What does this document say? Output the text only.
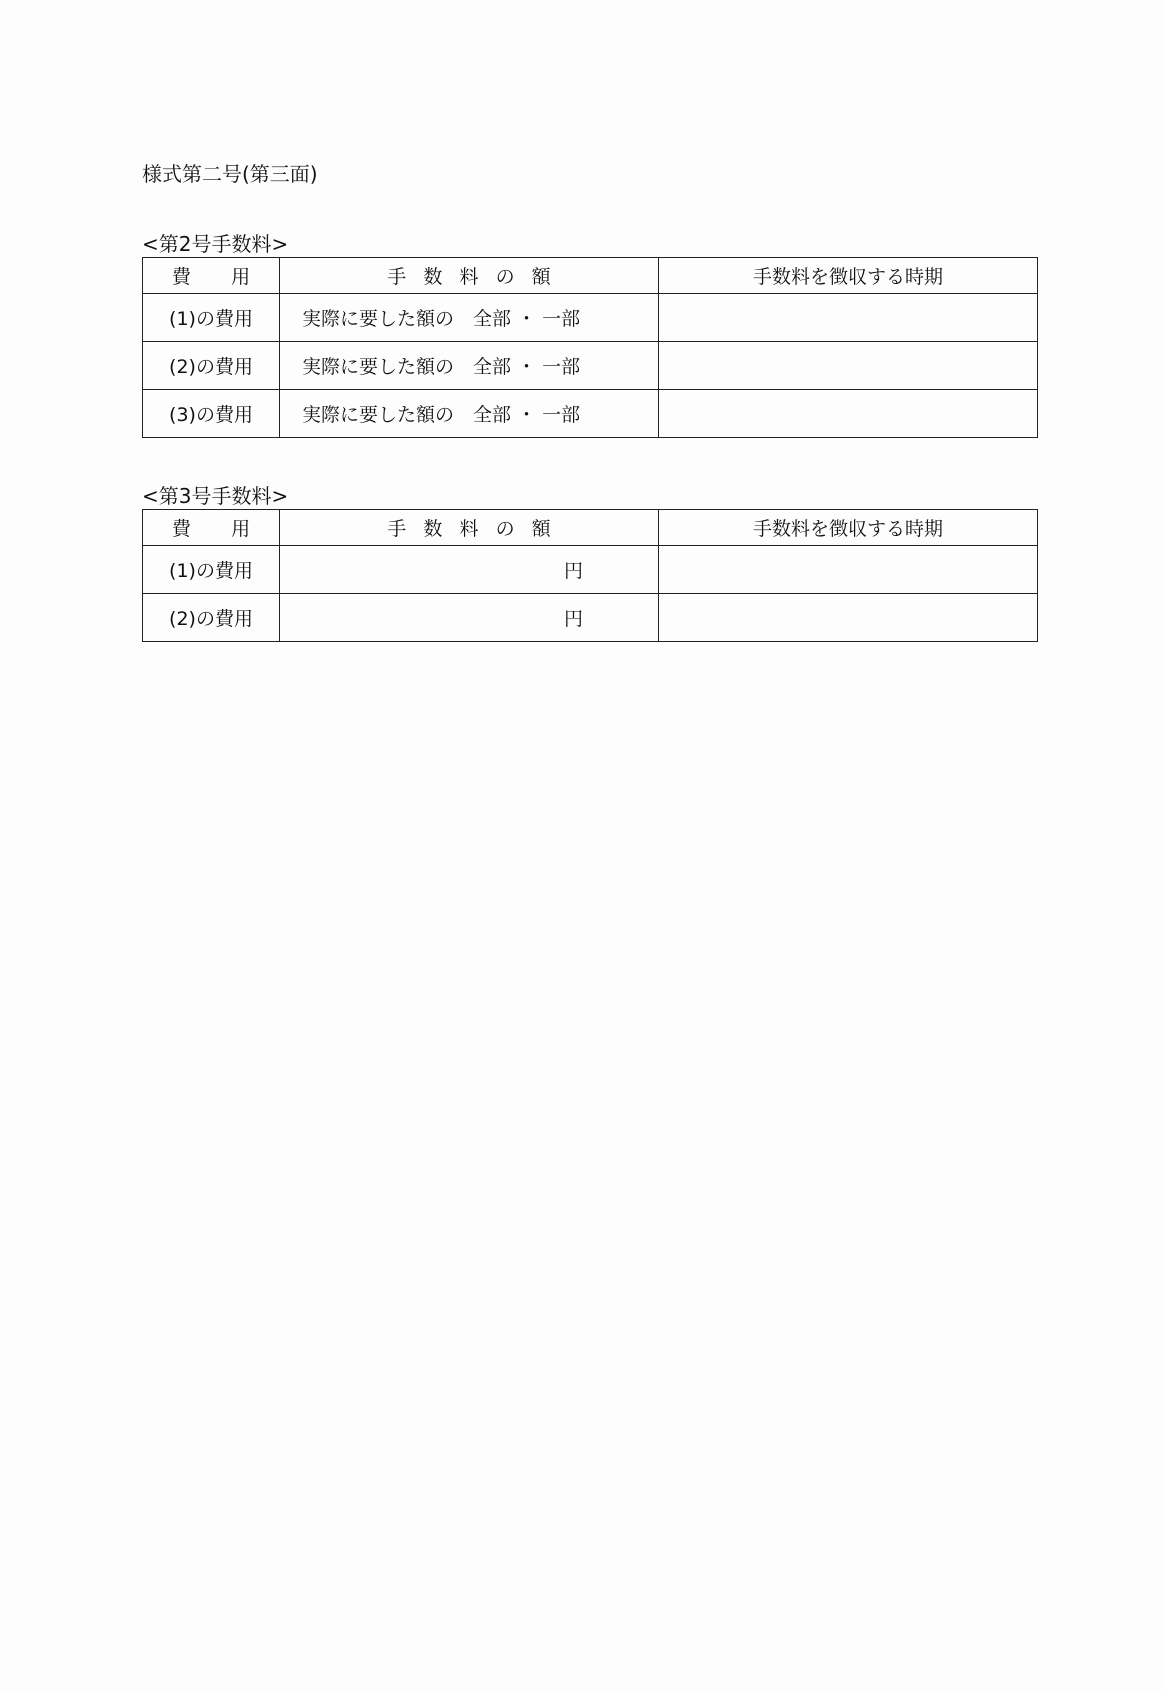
様式第二号(第三面)
<第2号手数料>
費 用	手数料の額	手数料を徴収する時期
(1)の費用	実際に要した額の　全部 ・ 一部	
(2)の費用	実際に要した額の　全部 ・ 一部	
(3)の費用	実際に要した額の　全部 ・ 一部	
<第3号手数料>
費 用	手数料の額	手数料を徴収する時期
(1)の費用	円	
(2)の費用	円	
